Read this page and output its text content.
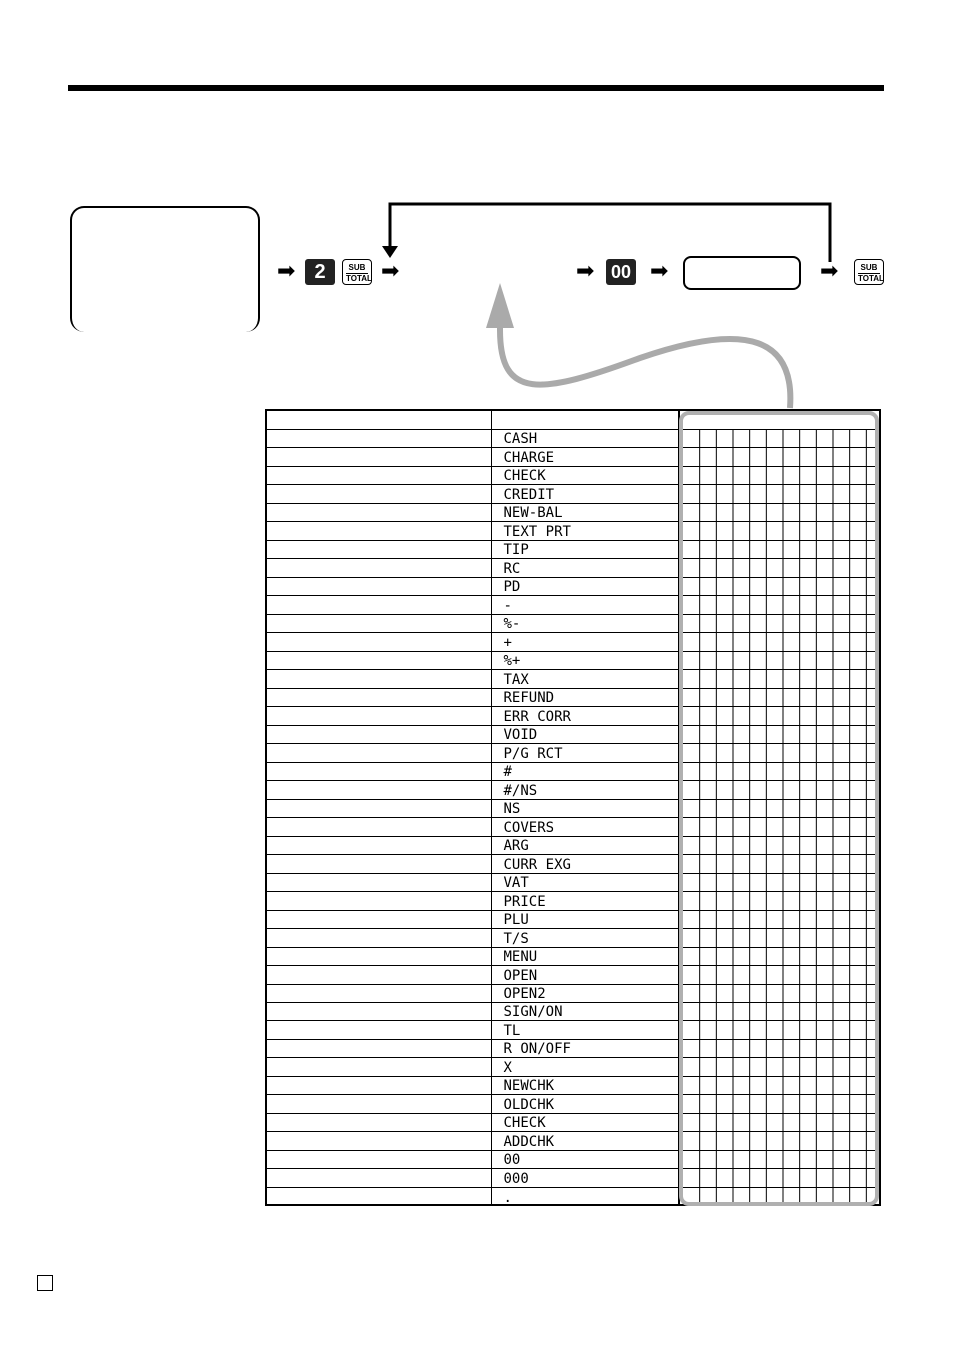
➡ 2	SUB
TOTAL ➡	➡ 00 ➡	➡	SUB
TOTAL

	CASH	
	CHARGE	
	CHECK	
	CREDIT	
	NEW-BAL	
	TEXT PRT	
	TIP	
	RC	
	PD	
	-	
	%-	
	+	
	%+	
	TAX	
	REFUND	
	ERR CORR	
	VOID	
	P/G RCT	
	#	
	#/NS	
	NS	
	COVERS	
	ARG	
	CURR EXG	
	VAT	
	PRICE	
	PLU	
	T/S	
	MENU	
	OPEN	
	OPEN2	
	SIGN/ON	
	TL	
	R ON/OFF	
	X	
	NEWCHK	
	OLDCHK	
	CHECK	
	ADDCHK	
	00	
	000	
	.	
